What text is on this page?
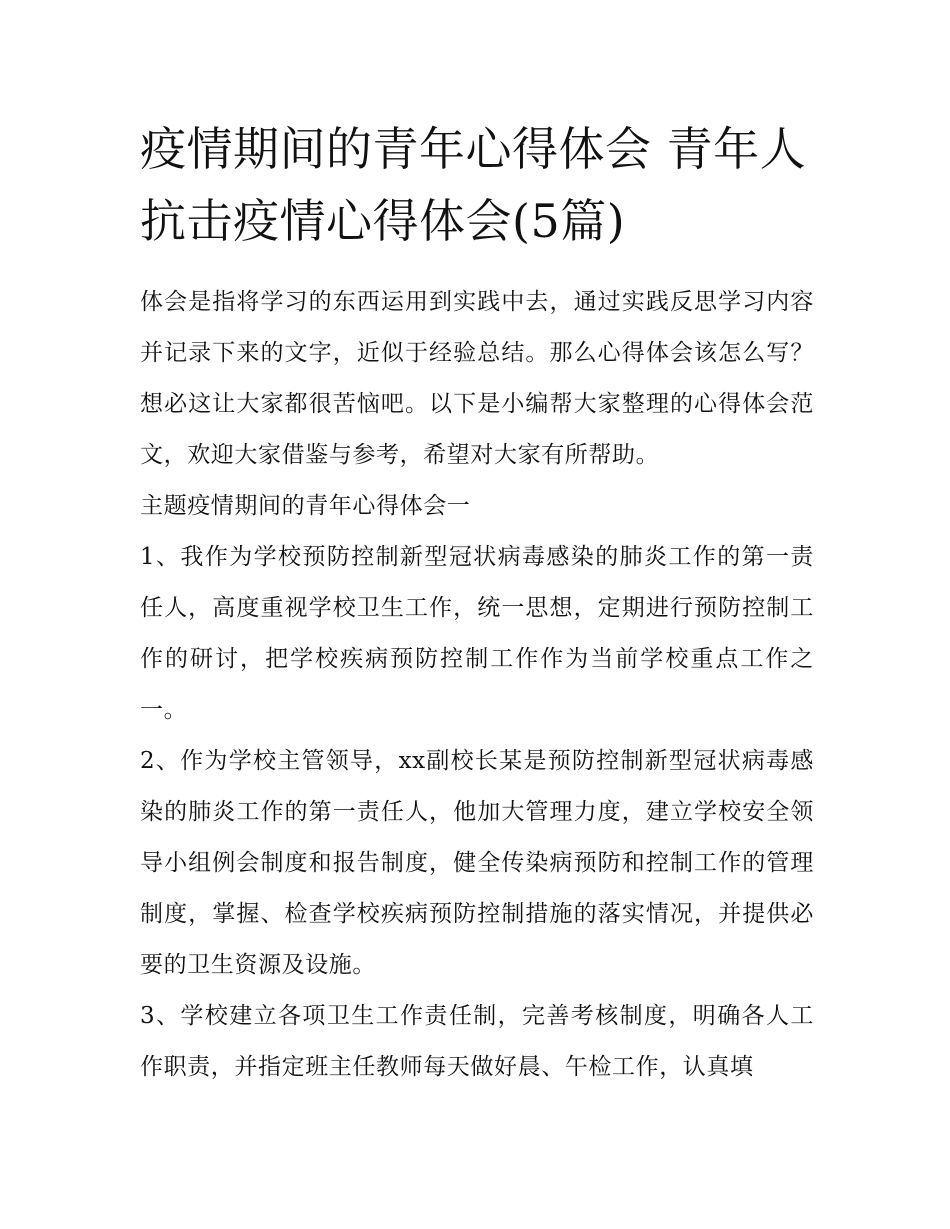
疫情期间的青年心得体会 青年人抗击疫情心得体会(5篇)

体会是指将学习的东西运用到实践中去，通过实践反思学习内容并记录下来的文字，近似于经验总结。那么心得体会该怎么写？想必这让大家都很苦恼吧。以下是小编帮大家整理的心得体会范文，欢迎大家借鉴与参考，希望对大家有所帮助。

主题疫情期间的青年心得体会一

1、我作为学校预防控制新型冠状病毒感染的肺炎工作的第一责任人，高度重视学校卫生工作，统一思想，定期进行预防控制工作的研讨，把学校疾病预防控制工作作为当前学校重点工作之一。

2、作为学校主管领导，xx副校长某是预防控制新型冠状病毒感染的肺炎工作的第一责任人，他加大管理力度，建立学校安全领导小组例会制度和报告制度，健全传染病预防和控制工作的管理制度，掌握、检查学校疾病预防控制措施的落实情况，并提供必要的卫生资源及设施。

3、学校建立各项卫生工作责任制，完善考核制度，明确各人工作职责，并指定班主任教师每天做好晨、午检工作，认真填
